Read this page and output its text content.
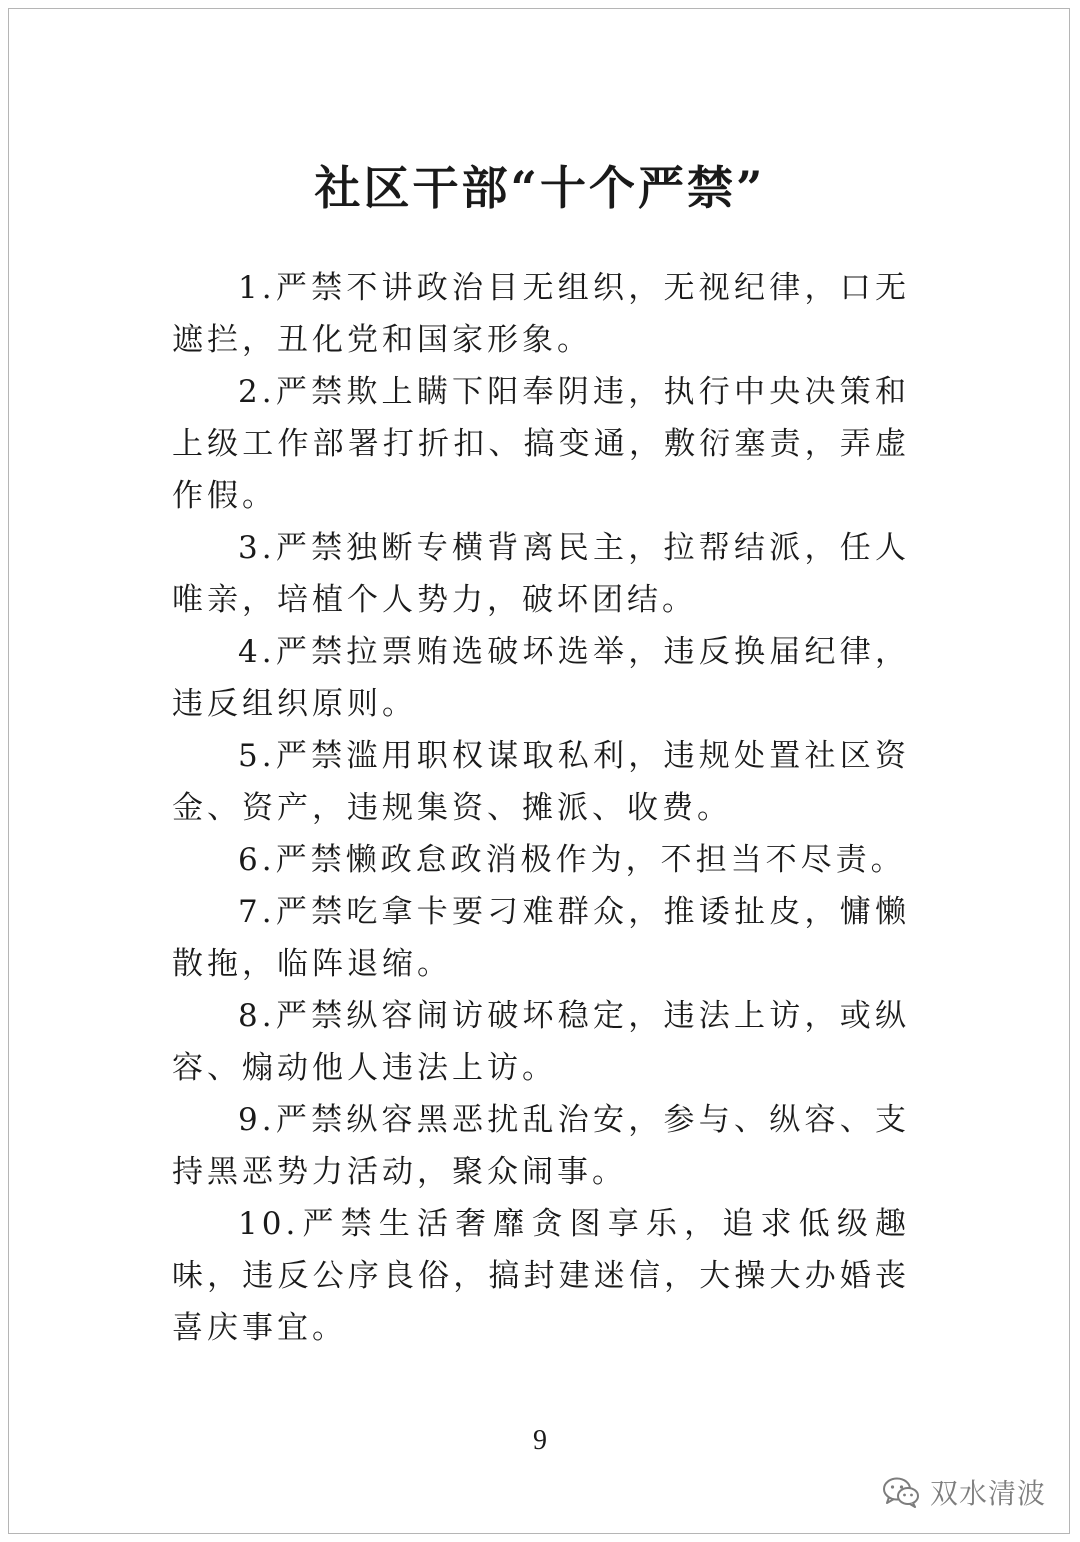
社区干部“十个严禁”

1.严禁不讲政治目无组织，无视纪律，口无遮拦，丑化党和国家形象。

2.严禁欺上瞒下阳奉阴违，执行中央决策和上级工作部署打折扣、搞变通，敷衍塞责，弄虚作假。

3.严禁独断专横背离民主，拉帮结派，任人唯亲，培植个人势力，破坏团结。

4.严禁拉票贿选破坏选举，违反换届纪律，违反组织原则。

5.严禁滥用职权谋取私利，违规处置社区资金、资产，违规集资、摊派、收费。

6.严禁懒政怠政消极作为，不担当不尽责。

7.严禁吃拿卡要刁难群众，推诿扯皮，慵懒散拖，临阵退缩。

8.严禁纵容闹访破坏稳定，违法上访，或纵容、煽动他人违法上访。

9.严禁纵容黑恶扰乱治安，参与、纵容、支持黑恶势力活动，聚众闹事。

10.严禁生活奢靡贪图享乐，追求低级趣味，违反公序良俗，搞封建迷信，大操大办婚丧喜庆事宜。

9
双水清波
